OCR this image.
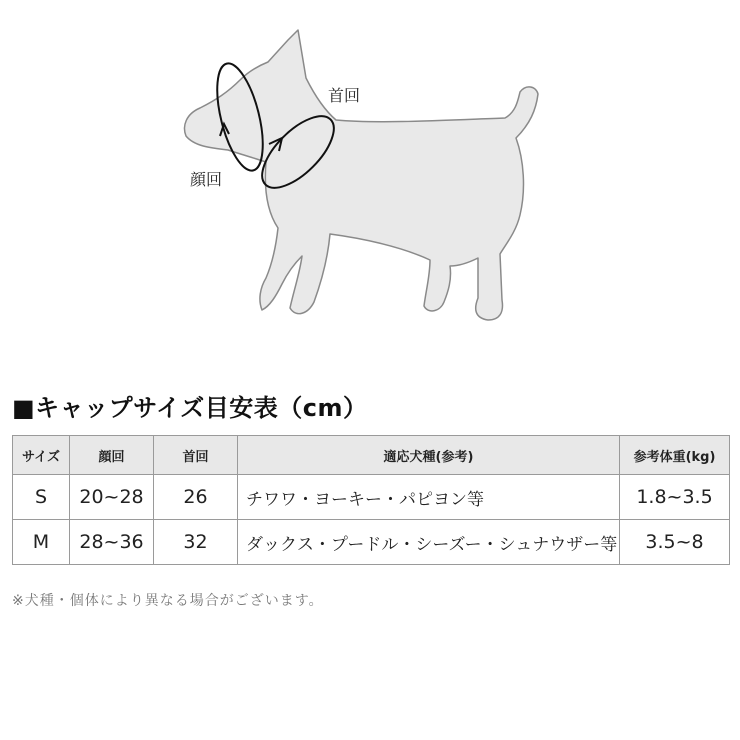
首回
顔回
■キャップサイズ目安表（cm）
サイズ	顔回	首回	適応犬種(参考)	参考体重(kg)
S	20~28	26	チワワ・ヨーキー・パピヨン等	1.8~3.5
M	28~36	32	ダックス・プードル・シーズー・シュナウザー等	3.5~8
※犬種・個体により異なる場合がございます。
